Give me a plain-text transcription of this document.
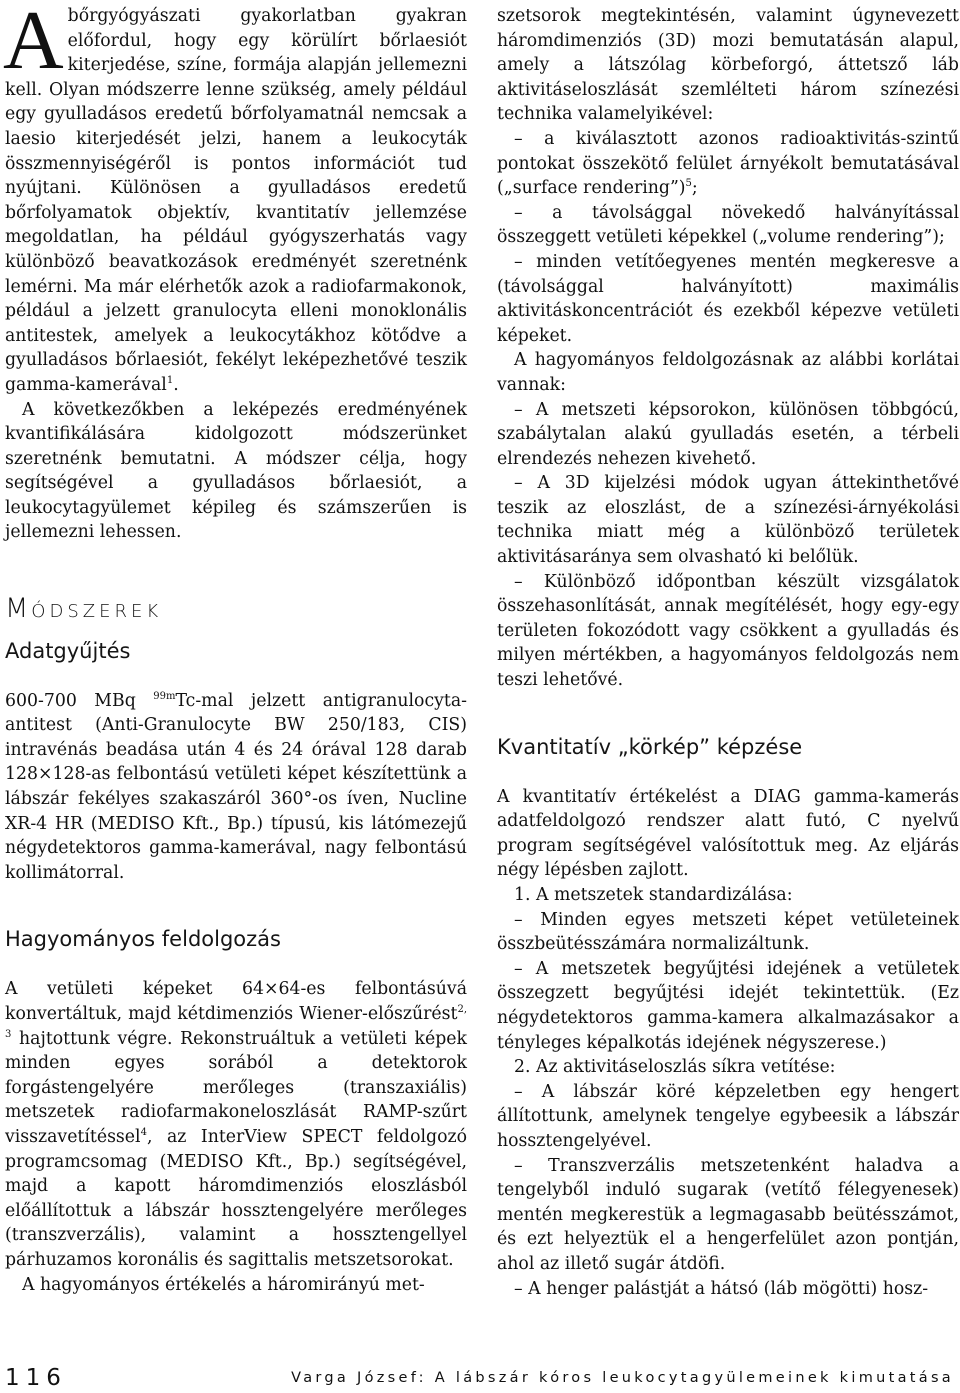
Abőrgyógyászati gyakorlatban gyakran előfordul, hogy egy körülírt bőrlaesiót kiterjedése, színe, formája alapján jellemezni kell. Olyan módszerre lenne szükség, amely például egy gyulladásos eredetű bőrfolyamatnál nemcsak a laesio kiterjedését jelzi, hanem a leukocyták összmennyiségéről is pontos információt tud nyújtani. Különösen a gyulladásos eredetű bőrfolyamatok objektív, kvantitatív jellemzése megoldatlan, ha például gyógyszerhatás vagy különböző beavatkozások eredményét szeretnénk lemérni. Ma már elérhetők azok a radiofarmakonok, például a jelzett granulocyta elleni monoklonális antitestek, amelyek a leukocytákhoz kötődve a gyulladásos bőrlaesiót, fekélyt leképezhetővé teszik gamma-kamerával$^1$.

A következőkben a leképezés eredményének kvantifikálására kidolgozott módszerünket szeretnénk bemutatni. A módszer célja, hogy segítségével a gyulladásos bőrlaesiót, a leukocytagyülemet képileg és számszerűen is jellemezni lehessen.

MÓDSZEREK
Adatgyűjtés

600-700 MBq $^{99m}$Tc-mal jelzett antigranulocyta-antitest (Anti-Granulocyte BW 250/183, CIS) intravénás beadása után 4 és 24 órával 128 darab 128×128-as felbontású vetületi képet készítettünk a lábszár fekélyes szakaszáról 360°-os íven, Nucline XR-4 HR (MEDISO Kft., Bp.) típusú, kis látómezejű négydetektoros gamma-kamerával, nagy felbontású kollimátorral.

Hagyományos feldolgozás

A vetületi képeket 64×64-es felbontásúvá konvertáltuk, majd kétdimenziós Wiener-előszűrést$^{2, 3}$ hajtottunk végre. Rekonstruáltuk a vetületi képek minden egyes sorából a detektorok forgástengelyére merőleges (transzaxiális) metszetek radiofarmakoneloszlását RAMP-szűrt visszavetítéssel$^4$, az InterView SPECT feldolgozó programcsomag (MEDISO Kft., Bp.) segítségével, majd a kapott háromdimenziós eloszlásból előállítottuk a lábszár hossztengelyére merőleges (transzverzális), valamint a hossztengellyel párhuzamos koronális és sagittalis metszetsorokat.

A hagyományos értékelés a háromirányú met-

szetsorok megtekintésén, valamint úgynevezett háromdimenziós (3D) mozi bemutatásán alapul, amely a látszólag körbeforgó, áttetsző láb aktivitáseloszlását szemlélteti három színezési technika valamelyikével:

– a kiválasztott azonos radioaktivitás-szintű pontokat összekötő felület árnyékolt bemutatásával („surface rendering”)$^5$;

– a távolsággal növekedő halványítással összeggett vetületi képekkel („volume rendering”);

– minden vetítőegyenes mentén megkeresve a (távolsággal halványított) maximális aktivitáskoncentrációt és ezekből képezve vetületi képeket.

A hagyományos feldolgozásnak az alábbi korlátai vannak:

– A metszeti képsorokon, különösen többgócú, szabálytalan alakú gyulladás esetén, a térbeli elrendezés nehezen kivehető.

– A 3D kijelzési módok ugyan áttekinthetővé teszik az eloszlást, de a színezési-árnyékolási technika miatt még a különböző területek aktivitásaránya sem olvasható ki belőlük.

– Különböző időpontban készült vizsgálatok összehasonlítását, annak megítélését, hogy egy-egy területen fokozódott vagy csökkent a gyulladás és milyen mértékben, a hagyományos feldolgozás nem teszi lehetővé.

Kvantitatív „körkép” képzése

A kvantitatív értékelést a DIAG gamma-kamerás adatfeldolgozó rendszer alatt futó, C nyelvű program segítségével valósítottuk meg. Az eljárás négy lépésben zajlott.

1. A metszetek standardizálása:

– Minden egyes metszeti képet vetületeinek összbeütésszámára normalizáltunk.

– A metszetek begyűjtési idejének a vetületek összegzett begyűjtési idejét tekintettük. (Ez négydetektoros gamma-kamera alkalmazásakor a tényleges képalkotás idejének négyszerese.)

2. Az aktivitáseloszlás síkra vetítése:

– A lábszár köré képzeletben egy hengert állítottunk, amelynek tengelye egybeesik a lábszár hossztengelyével.

– Transzverzális metszetenként haladva a tengelyből induló sugarak (vetítő félegyenesek) mentén megkerestük a legmagasabb beütésszámot, és ezt helyeztük el a hengerfelület azon pontján, ahol az illető sugár átdöfi.

– A henger palástját a hátsó (láb mögötti) hosz-

116	Varga József: A lábszár kóros leukocytagyülemeinek kimutatása
